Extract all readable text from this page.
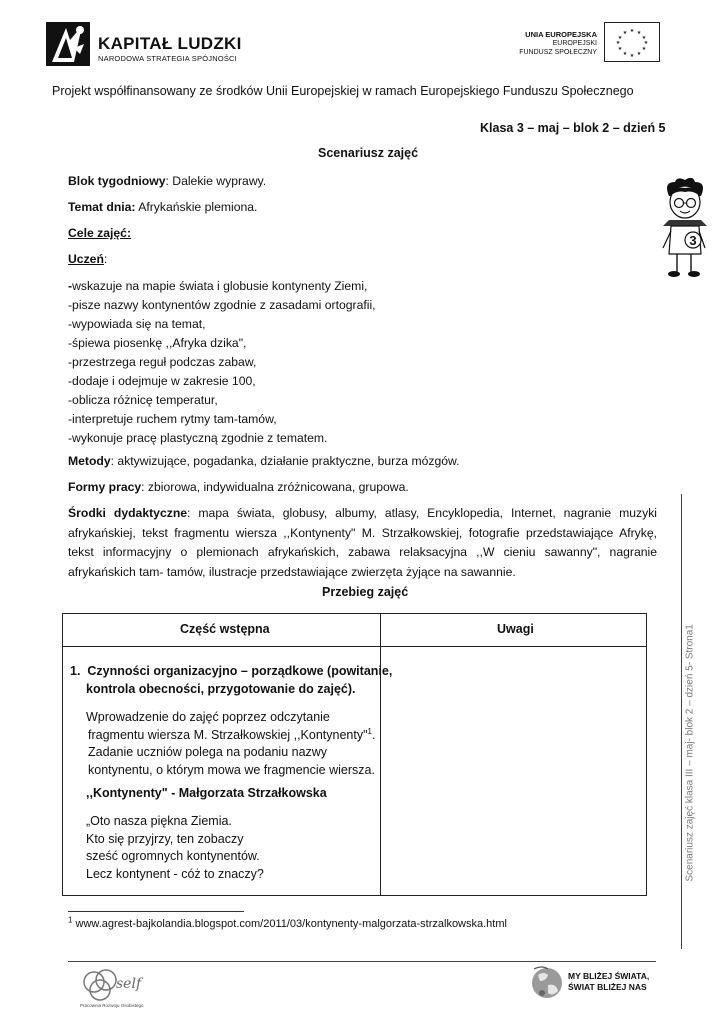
KAPITAŁ LUDZKI
NARODOWA STRATEGIA SPÓJNOŚCI
UNIA EUROPEJSKA
EUROPEJSKI
FUNDUSZ SPOŁECZNY
★ ★
★
★
★
★
★
★
★
★
★
★
Projekt współfinansowany ze środków Unii Europejskiej w ramach Europejskiego Funduszu Społecznego
Klasa 3 – maj – blok 2 – dzień 5
Scenariusz zajęć
Blok tygodniowy: Dalekie wyprawy.
Temat dnia: Afrykańskie plemiona.
Cele zajęć:
Uczeń:
-wskazuje na mapie świata i globusie kontynenty Ziemi,
-pisze nazwy kontynentów zgodnie z zasadami ortografii,
-wypowiada się na temat,
-śpiewa piosenkę ,,Afryka dzika",
-przestrzega reguł podczas zabaw,
-dodaje i odejmuje w zakresie 100,
-oblicza różnicę temperatur,
-interpretuje ruchem rytmy tam-tamów,
-wykonuje pracę plastyczną zgodnie z tematem.
Metody: aktywizujące, pogadanka, działanie praktyczne, burza mózgów.
Formy pracy: zbiorowa, indywidualna zróżnicowana, grupowa.
Środki dydaktyczne: mapa świata, globusy, albumy, atlasy, Encyklopedia, Internet, nagranie muzyki afrykańskiej, tekst fragmentu wiersza ,,Kontynenty" M. Strzałkowskiej, fotografie przedstawiające Afrykę, tekst informacyjny o plemionach afrykańskich, zabawa relaksacyjna ,,W cieniu sawanny", nagranie afrykańskich tam- tamów, ilustracje przedstawiające zwierzęta żyjące na sawannie.
Przebieg zajęć
Część wstępna	Uwagi
1. Czynności organizacyjno – porządkowe (powitanie,
kontrola obecności, przygotowanie do zajęć).
Wprowadzenie do zajęć poprzez odczytanie
fragmentu wiersza M. Strzałkowskiej ,,Kontynenty"$^1$.
Zadanie uczniów polega na podaniu nazwy
kontynentu, o którym mowa we fragmencie wiersza.
,,Kontynenty" - Małgorzata Strzałkowska
„Oto nasza piękna Ziemia.
Kto się przyjrzy, ten zobaczy
sześć ogromnych kontynentów.
Lecz kontynent - cóż to znaczy?
$^1$ www.agrest-bajkolandia.blogspot.com/2011/03/kontynenty-malgorzata-strzalkowska.html
3
Scenariusz zajęć klasa III – maj- blok 2 – dzień 5- Strona1
self
Pracownia Rozwoju Osobistego
MY BLIŻEJ ŚWIATA,
ŚWIAT BLIŻEJ NAS
